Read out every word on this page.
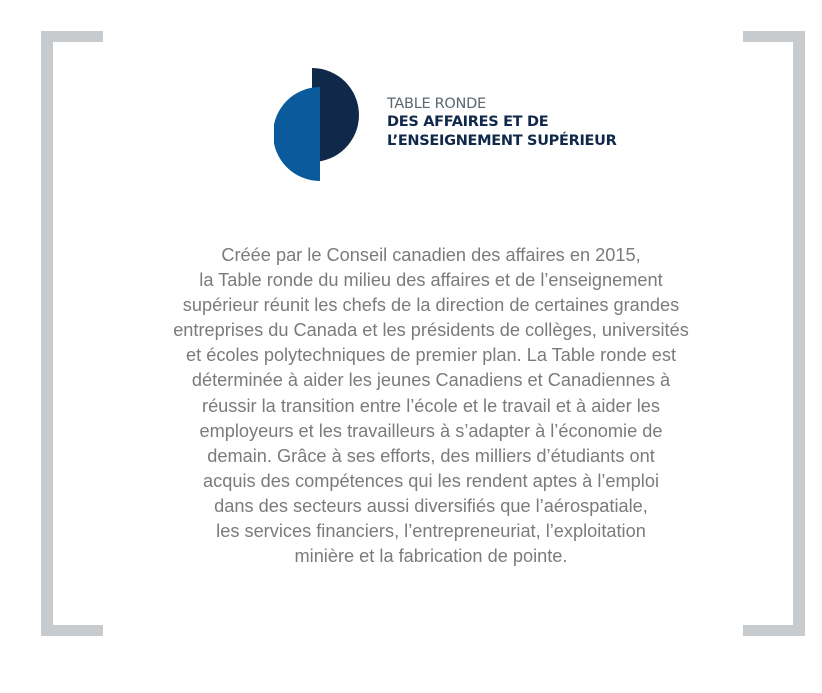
TABLE RONDE
DES AFFAIRES ET DE
L’ENSEIGNEMENT SUPÉRIEUR

Créée par le Conseil canadien des affaires en 2015,
la Table ronde du milieu des affaires et de l’enseignement
supérieur réunit les chefs de la direction de certaines grandes
entreprises du Canada et les présidents de collèges, universités
et écoles polytechniques de premier plan. La Table ronde est
déterminée à aider les jeunes Canadiens et Canadiennes à
réussir la transition entre l’école et le travail et à aider les
employeurs et les travailleurs à s’adapter à l’économie de
demain. Grâce à ses efforts, des milliers d’étudiants ont
acquis des compétences qui les rendent aptes à l’emploi
dans des secteurs aussi diversifiés que l’aérospatiale,
les services financiers, l’entrepreneuriat, l’exploitation
minière et la fabrication de pointe.
